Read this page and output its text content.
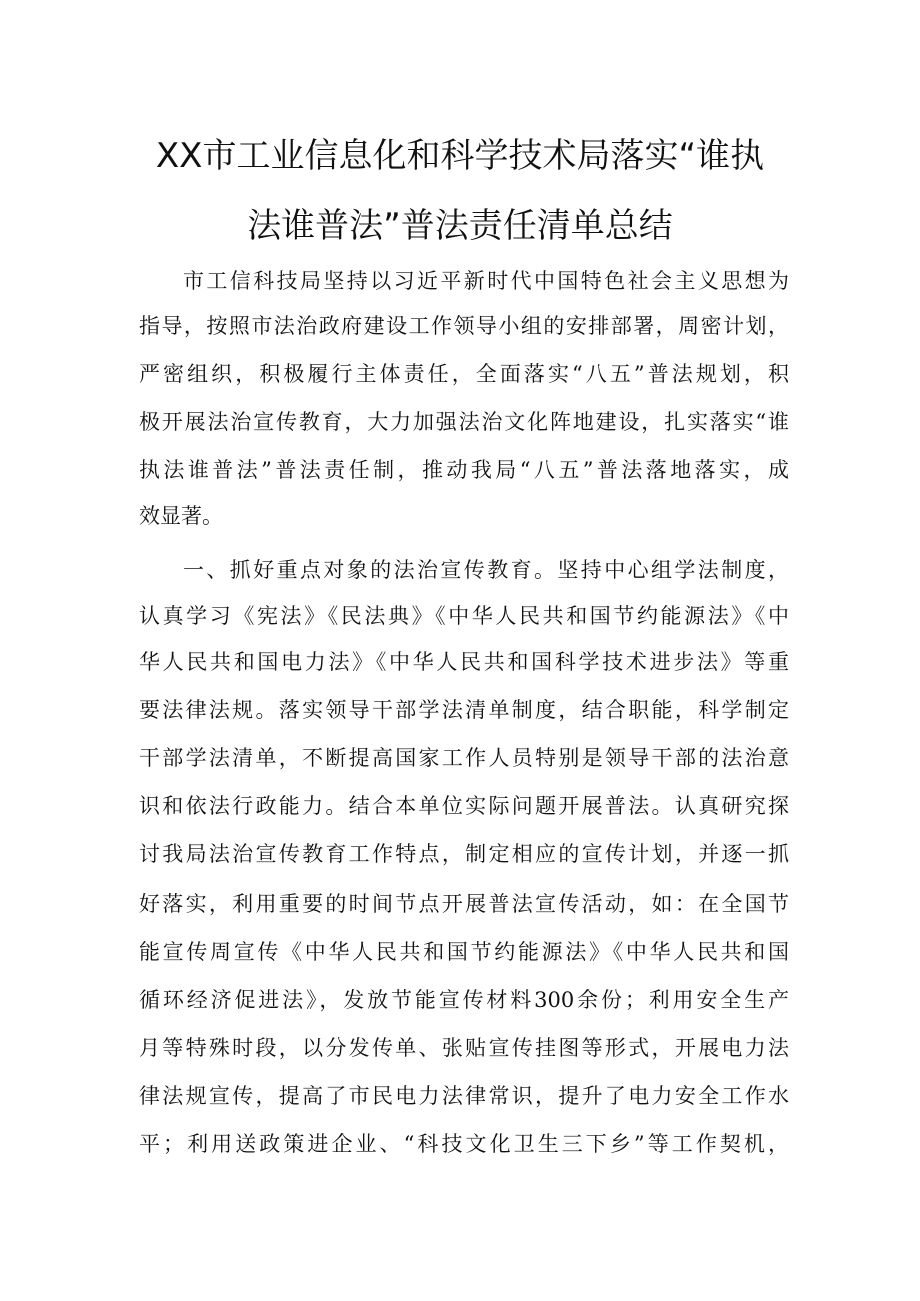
XX市工业信息化和科学技术局落实“谁执
法谁普法”普法责任清单总结
市工信科技局坚持以习近平新时代中国特色社会主义思想为
指导，按照市法治政府建设工作领导小组的安排部署，周密计划，
严密组织，积极履行主体责任，全面落实“八五”普法规划，积
极开展法治宣传教育，大力加强法治文化阵地建设，扎实落实“谁
执法谁普法”普法责任制，推动我局“八五”普法落地落实，成
效显著。
一、抓好重点对象的法治宣传教育。坚持中心组学法制度，
认真学习《宪法》《民法典》《中华人民共和国节约能源法》《中
华人民共和国电力法》《中华人民共和国科学技术进步法》等重
要法律法规。落实领导干部学法清单制度，结合职能，科学制定
干部学法清单，不断提高国家工作人员特别是领导干部的法治意
识和依法行政能力。结合本单位实际问题开展普法。认真研究探
讨我局法治宣传教育工作特点，制定相应的宣传计划，并逐一抓
好落实，利用重要的时间节点开展普法宣传活动，如：在全国节
能宣传周宣传《中华人民共和国节约能源法》《中华人民共和国
循环经济促进法》，发放节能宣传材料300余份；利用安全生产
月等特殊时段，以分发传单、张贴宣传挂图等形式，开展电力法
律法规宣传，提高了市民电力法律常识，提升了电力安全工作水
平；利用送政策进企业、“科技文化卫生三下乡”等工作契机，
